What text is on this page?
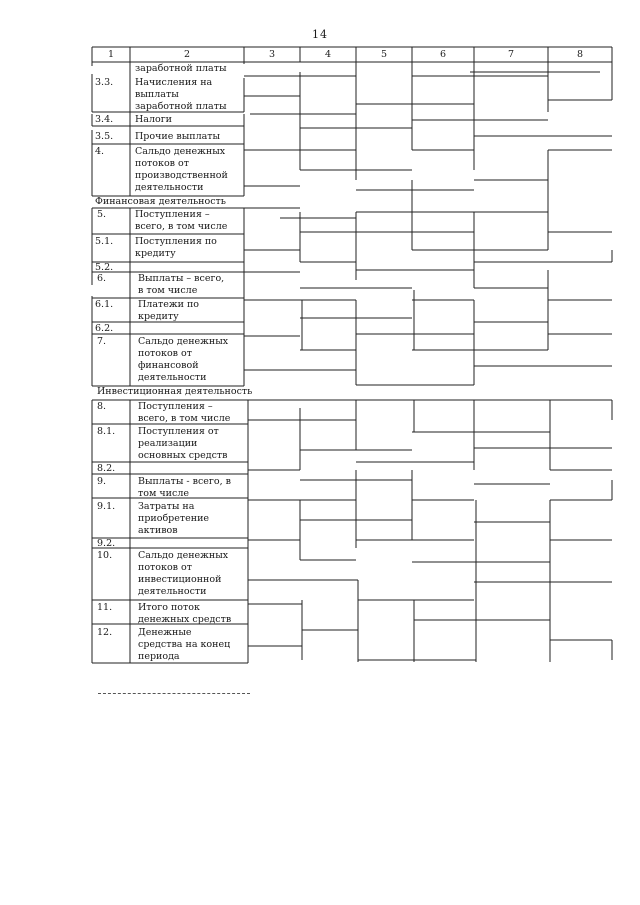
14
1	2	3	4	5	6	7	8
заработной платы
3.3. Начисления на
выплаты
заработной платы
3.4. Налоги
3.5. Прочие выплаты
4.	Сальдо денежных
потоков от
производственной
деятельности
Финансовая деятельность
5.	Поступления –
всего, в том числе
5.1. Поступления по
кредиту
5.2.
6.	Выплаты – всего,
в том числе
6.1.	Платежи по
кредиту
6.2.
7.	Сальдо денежных
потоков от
финансовой
деятельности
Инвестиционная деятельность
8.	Поступления –
всего, в том числе
8.1. Поступления от
реализации
основных средств
8.2.
9.	Выплаты - всего, в
том числе
9.1. Затраты на
приобретение
активов
9.2.
10.	Сальдо денежных
потоков от
инвестиционной
деятельности
11.	Итого поток
денежных средств
12.	Денежные
средства на конец
периода
